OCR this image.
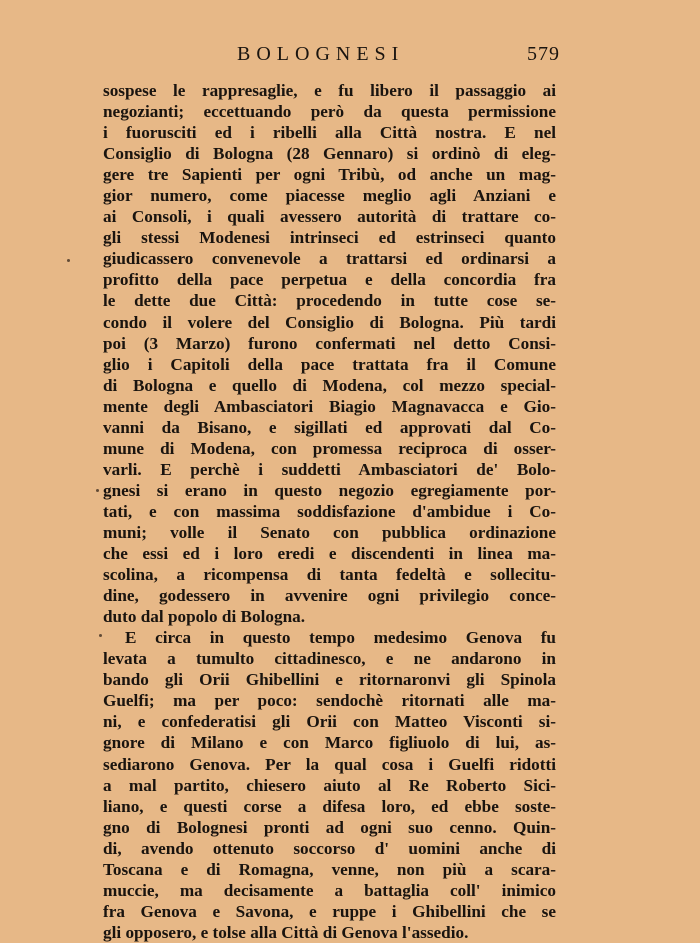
BOLOGNESI	579

sospese le rappresaglie, e fu libero il passaggio ai
negozianti; eccettuando però da questa permissione
i fuorusciti ed i ribelli alla Città nostra. E nel
Consiglio di Bologna (28 Gennaro) si ordinò di eleg-
gere tre Sapienti per ogni Tribù, od anche un mag-
gior numero, come piacesse meglio agli Anziani e
ai Consoli, i quali avessero autorità di trattare co-
gli stessi Modenesi intrinseci ed estrinseci quanto
giudicassero convenevole a trattarsi ed ordinarsi a
profitto della pace perpetua e della concordia fra
le dette due Città: procedendo in tutte cose se-
condo il volere del Consiglio di Bologna. Più tardi
poi (3 Marzo) furono confermati nel detto Consi-
glio i Capitoli della pace trattata fra il Comune
di Bologna e quello di Modena, col mezzo special-
mente degli Ambasciatori Biagio Magnavacca e Gio-
vanni da Bisano, e sigillati ed approvati dal Co-
mune di Modena, con promessa reciproca di osser-
varli. E perchè i suddetti Ambasciatori de' Bolo-
gnesi si erano in questo negozio egregiamente por-
tati, e con massima soddisfazione d'ambidue i Co-
muni; volle il Senato con pubblica ordinazione
che essi ed i loro eredi e discendenti in linea ma-
scolina, a ricompensa di tanta fedeltà e sollecitu-
dine, godessero in avvenire ogni privilegio conce-
duto dal popolo di Bologna.

E circa in questo tempo medesimo Genova fu
levata a tumulto cittadinesco, e ne andarono in
bando gli Orii Ghibellini e ritornaronvi gli Spinola
Guelfi; ma per poco: sendochè ritornati alle ma-
ni, e confederatisi gli Orii con Matteo Visconti si-
gnore di Milano e con Marco figliuolo di lui, as-
sediarono Genova. Per la qual cosa i Guelfi ridotti
a mal partito, chiesero aiuto al Re Roberto Sici-
liano, e questi corse a difesa loro, ed ebbe soste-
gno di Bolognesi pronti ad ogni suo cenno. Quin-
di, avendo ottenuto soccorso d' uomini anche di
Toscana e di Romagna, venne, non più a scara-
muccie, ma decisamente a battaglia coll' inimico
fra Genova e Savona, e ruppe i Ghibellini che se
gli opposero, e tolse alla Città di Genova l'assedio.
